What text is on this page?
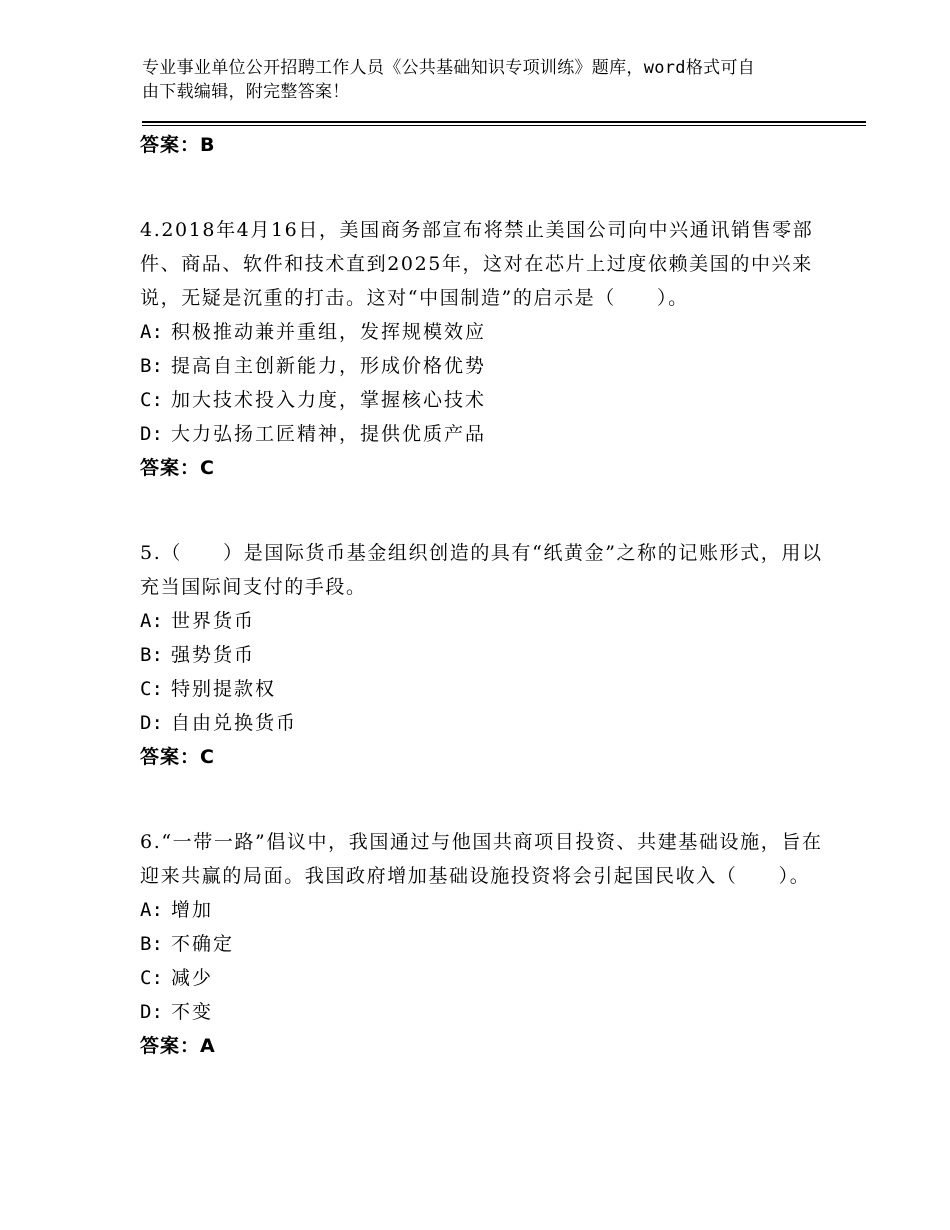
专业事业单位公开招聘工作人员《公共基础知识专项训练》题库，word格式可自
由下载编辑，附完整答案！
答案：B

4.2018年4月16日，美国商务部宣布将禁止美国公司向中兴通讯销售零部件、商品、软件和技术直到2025年，这对在芯片上过度依赖美国的中兴来说，无疑是沉重的打击。这对“中国制造”的启示是（　　）。

A: 积极推动兼并重组，发挥规模效应
B: 提高自主创新能力，形成价格优势
C: 加大技术投入力度，掌握核心技术
D: 大力弘扬工匠精神，提供优质产品
答案：C

5.（　　）是国际货币基金组织创造的具有“纸黄金”之称的记账形式，用以充当国际间支付的手段。

A: 世界货币
B: 强势货币
C: 特别提款权
D: 自由兑换货币
答案：C

6.“一带一路”倡议中，我国通过与他国共商项目投资、共建基础设施，旨在迎来共赢的局面。我国政府增加基础设施投资将会引起国民收入（　　）。

A: 增加
B: 不确定
C: 减少
D: 不变
答案：A
